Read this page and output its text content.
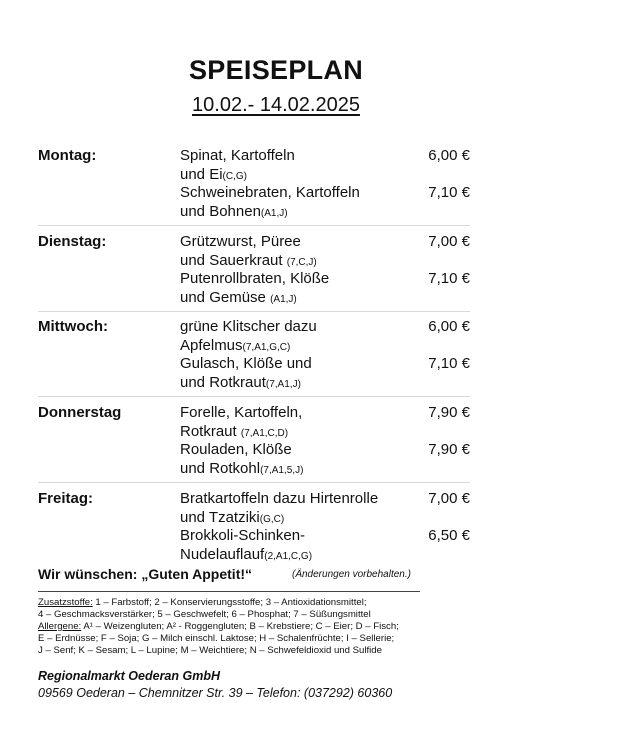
SPEISEPLAN
10.02.- 14.02.2025
Montag:	Spinat, Kartoffeln
und Ei(C,G)
6,00 €
Schweinebraten, Kartoffeln
und Bohnen(A1,J)
7,10 €
Dienstag:	Grützwurst, Püree
und Sauerkraut (7,C,J)
7,00 €
Putenrollbraten, Klöße
und Gemüse (A1,J)
7,10 €
Mittwoch:	grüne Klitscher dazu
Apfelmus(7,A1,G,C)
6,00 €
Gulasch, Klöße und
und Rotkraut(7,A1,J)
7,10 €
Donnerstag	Forelle, Kartoffeln,
Rotkraut (7,A1,C,D)
7,90 €
Rouladen, Klöße
und Rotkohl(7,A1,5,J)
7,90 €
Freitag:	Bratkartoffeln dazu Hirtenrolle
und Tzatziki(G,C)
7,00 €
Brokkoli-Schinken-
Nudelauflauf(2,A1,C,G)
6,50 €
Wir wünschen: „Guten Appetit!“	(Änderungen vorbehalten.)
Zusatzstoffe: 1 – Farbstoff; 2 – Konservierungsstoffe; 3 – Antioxidationsmittel;
4 – Geschmacksverstärker; 5 – Geschwefelt; 6 – Phosphat; 7 – Süßungsmittel
Allergene: A¹ – Weizengluten; A² - Roggengluten; B – Krebstiere; C – Eier; D – Fisch;
E – Erdnüsse; F – Soja; G – Milch einschl. Laktose; H – Schalenfrüchte; I – Sellerie;
J – Senf; K – Sesam; L – Lupine; M – Weichtiere; N – Schwefeldioxid und Sulfide
Regionalmarkt Oederan GmbH
09569 Oederan – Chemnitzer Str. 39 – Telefon: (037292) 60360
